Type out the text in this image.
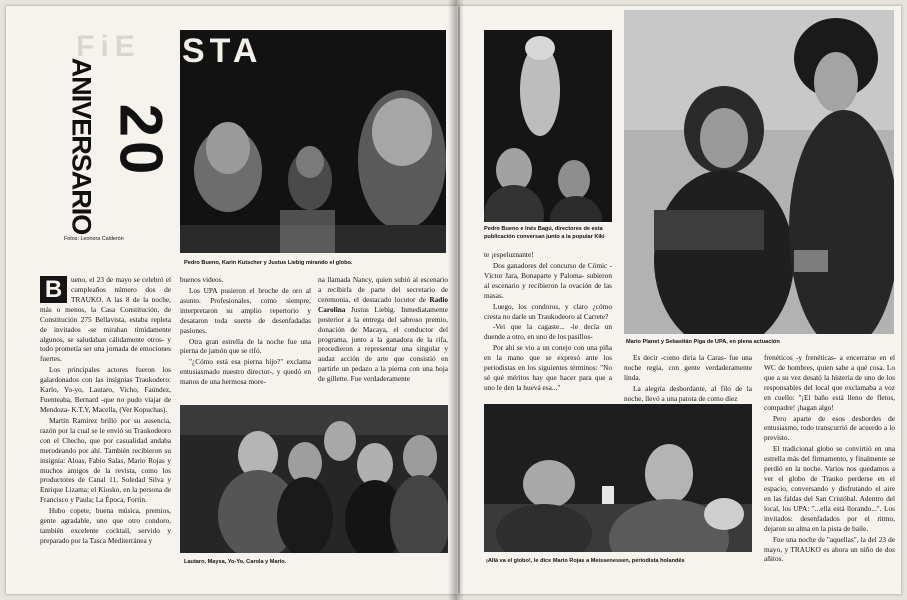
FiE STA
ANIVERSARIO 20
Fotos: Leonora Calderón
Pedro Bueno, Karin Kutscher y Justus Liebig mirando el globo.

B	ueno, el 23 de mayo se celebró el cumpleaños número dos de TRAUKO. A las 8 de la noche, más o menos, la Casa Constitución, de Constitución 275 Bellavista, estaba repleta de invitados -se miraban tímidamente algunos, se saludaban cálidamente otros- y todo prometía ser una jornada de emociones fuertes.

Los principales actores fueron los galardonados con las insignias Traukodero: Karlo, Yo-yo, Lautaro, Vicho, Faúndez, Fuenteaba, Bernard -que no pudo viajar de Mendoza- K.T.Y, Macella, (Ver Kopuchas).

Martín Ramírez brilló por su ausencia, razón por la cual se le envió su Traukodeoro con el Checho, que por casualidad andaba merodeando por ahí. También recibieron su insignia: Aloas, Fabio Salas, Mario Rojas y muchos amigos de la revista, como los productores de Canal 11, Soledad Silva y Enrique Lizama; el Kiosko, en la persona de Francisco y Paula; La Época, Fortín.

Hubo copete, buena música, premios, gente agradable, uno que otro condoro, también excelente cocktail, servido y preparado por la Tasca Mediterránea y

buenos videos.

Los UPA pusieron el broche de oro al asunto. Profesionales, como siempre, interpretaron su amplio repertorio y desataron toda suerte de desenfadadas pasiones.

Otra gran estrella de la noche fue una pierna de jamón que se rifó.

"¿Cómo está esa pierna hijo?" exclama entusiasmado nuestro director-, y quedó en manos de una hermosa more-

na llamada Nancy, quien subió al escenario a recibirla de parte del secretario de ceremonia, el destacado locutor de Radio Carolina Justus Liebig. Inmediatamente posterior a la entrega del sabroso premio, donación de Macaya, el conductor del programa, junto a la ganadora de la rifa, procedieron a representar una singular y audaz acción de arte que consistió en partirle un pedazo a la pierna con una hoja de gillette. Fue verdaderamente

Lautaro, Maysa, Yo-Yo, Carola y Mario.
Pedro Bueno e Inés Bagú, directores de esta publicación conversan junto a la popular Kiki
Mario Planet y Sebastián Piga de UPA, en plena actuación

te ¡espeluznante!

Dos ganadores del concurso de Cómic -Víctor Jara, Bonaparte y Paloma- subieron al escenario y recibieron la ovación de las masas.

Luego, los condoros, y claro ¿cómo cresta no darle un Traukodeoro al Carrete?

-Vei que la cagaste... -le decía un duende a otro, en uno de los pasillos-

Por ahí se vio a un conejo con una piña en la mano que se expresó ante los periodistas en los siguientes términos: "No sé qué méritos hay que hacer para que a uno le den la huevá esa..."

Es decir -como diría la Caras- fue una noche regia, con gente verdaderamente linda.

La alegría desbordante, al filo de la noche, llevó a una patota de como diez

frenéticos -y frenéticas- a encerrarse en el WC de hombres, quien sabe a qué cosa. Lo que a su vez desató la histeria de uno de los responsables del local que exclamaba a voz en cuello: "¡El baño está lleno de fletos, compadre! ¡hagan algo!

Pero aparte de esos desbordes de entusiasmo, todo transcurrió de acuerdo a lo previsto.

El tradicional globo se convirtió en una estrella más del firmamento, y finalmente se perdió en la noche. Varios nos quedamos a ver el globo de Trauko perderse en el espacio, conversando y disfrutando el aire en las faldas del San Cristóbal. Adentro del local, los UPA: "...ella está llorando...". Los invitados: desenfadados por el ritmo, dejaron su alma en la pista de baile.

Fue una noche de "aquellas", la del 23 de mayo, y TRAUKO es ahora un niño de dos añitos.

¡Allá va el globo!, le dice Mario Rojas a Meissenessen, periodista holandés
